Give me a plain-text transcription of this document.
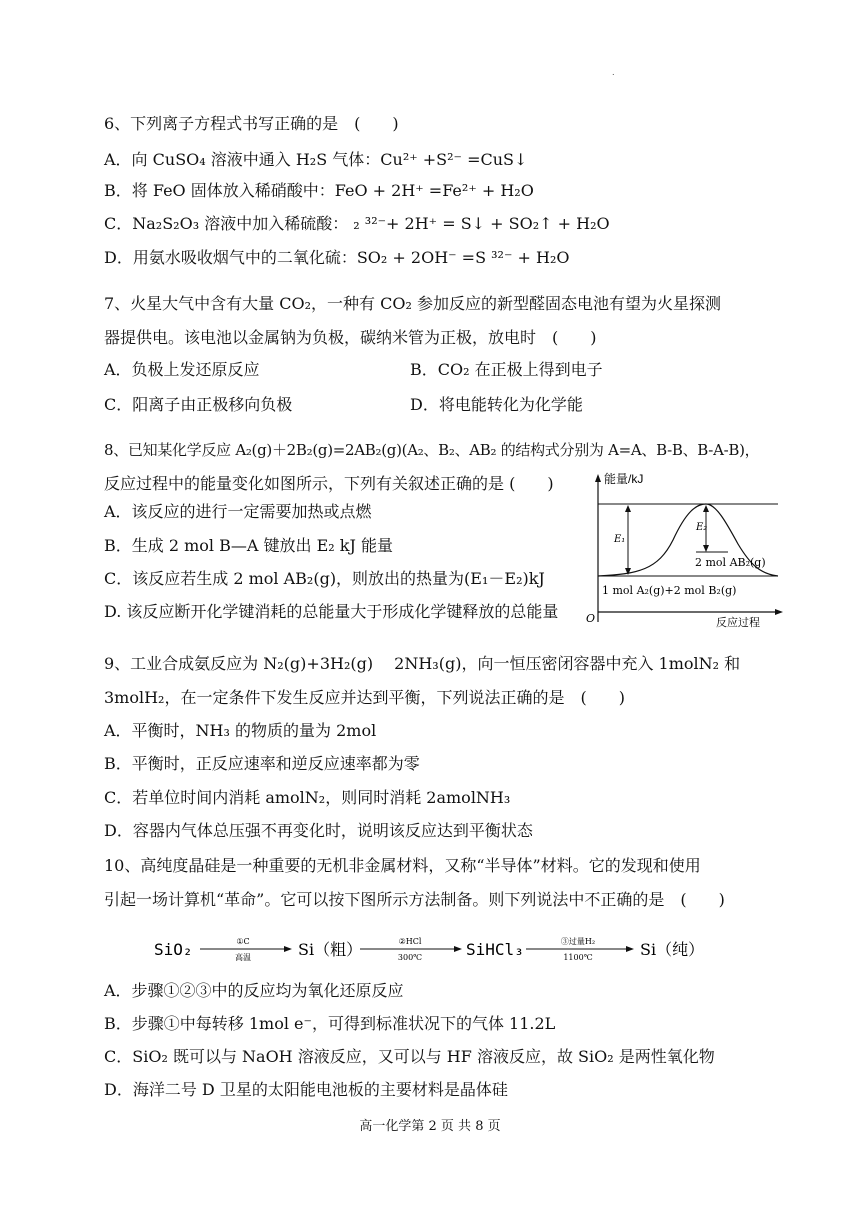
.
6、下列离子方程式书写正确的是　(　　)
A．向 CuSO₄ 溶液中通入 H₂S 气体：Cu²⁺ +S²⁻ =CuS↓
B．将 FeO 固体放入稀硝酸中：FeO + 2H⁺ =Fe²⁺ + H₂O
C．Na₂S₂O₃ 溶液中加入稀硫酸： ₂ ³²⁻+ 2H⁺ = S↓ + SO₂↑ + H₂O
D．用氨水吸收烟气中的二氧化硫：SO₂ + 2OH⁻ =S ³²⁻ + H₂O
7、火星大气中含有大量 CO₂，一种有 CO₂ 参加反应的新型醛固态电池有望为火星探测
器提供电。该电池以金属钠为负极，碳纳米管为正极，放电时　(　　)
A．负极上发还原反应	B．CO₂ 在正极上得到电子
C．阳离子由正极移向负极	D．将电能转化为化学能
8、已知某化学反应 A₂(g)＋2B₂(g)=2AB₂(g)(A₂、B₂、AB₂ 的结构式分别为 A=A、B-B、B-A-B)，
反应过程中的能量变化如图所示，下列有关叙述正确的是 (　　)
A．该反应的进行一定需要加热或点燃
B．生成 2 mol B—A 键放出 E₂ kJ 能量
C．该反应若生成 2 mol AB₂(g)，则放出的热量为(E₁－E₂)kJ
D. 该反应断开化学键消耗的总能量大于形成化学键释放的总能量
能量/kJ
反应过程
O
E₁
E₂
2 mol AB₂(g)
1 mol A₂(g)+2 mol B₂(g)
9、工业合成氨反应为 N₂(g)+3H₂(g)　 2NH₃(g)，向一恒压密闭容器中充入 1molN₂ 和
3molH₂，在一定条件下发生反应并达到平衡，下列说法正确的是　(　　)
A．平衡时，NH₃ 的物质的量为 2mol
B．平衡时，正反应速率和逆反应速率都为零
C．若单位时间内消耗 amolN₂，则同时消耗 2amolNH₃
D．容器内气体总压强不再变化时，说明该反应达到平衡状态
10、高纯度晶硅是一种重要的无机非金属材料，又称“半导体”材料。它的发现和使用
引起一场计算机“革命”。它可以按下图所示方法制备。则下列说法中不正确的是　(　　)
SiO₂	①C
高温	Si（粗）	②HCl
300℃	SiHCl₃	③过量H₂
1100℃	Si（纯）
A．步骤①②③中的反应均为氧化还原反应
B．步骤①中每转移 1mol e⁻，可得到标准状况下的气体 11.2L
C．SiO₂ 既可以与 NaOH 溶液反应，又可以与 HF 溶液反应，故 SiO₂ 是两性氧化物
D．海洋二号 D 卫星的太阳能电池板的主要材料是晶体硅
高一化学第 2 页 共 8 页
